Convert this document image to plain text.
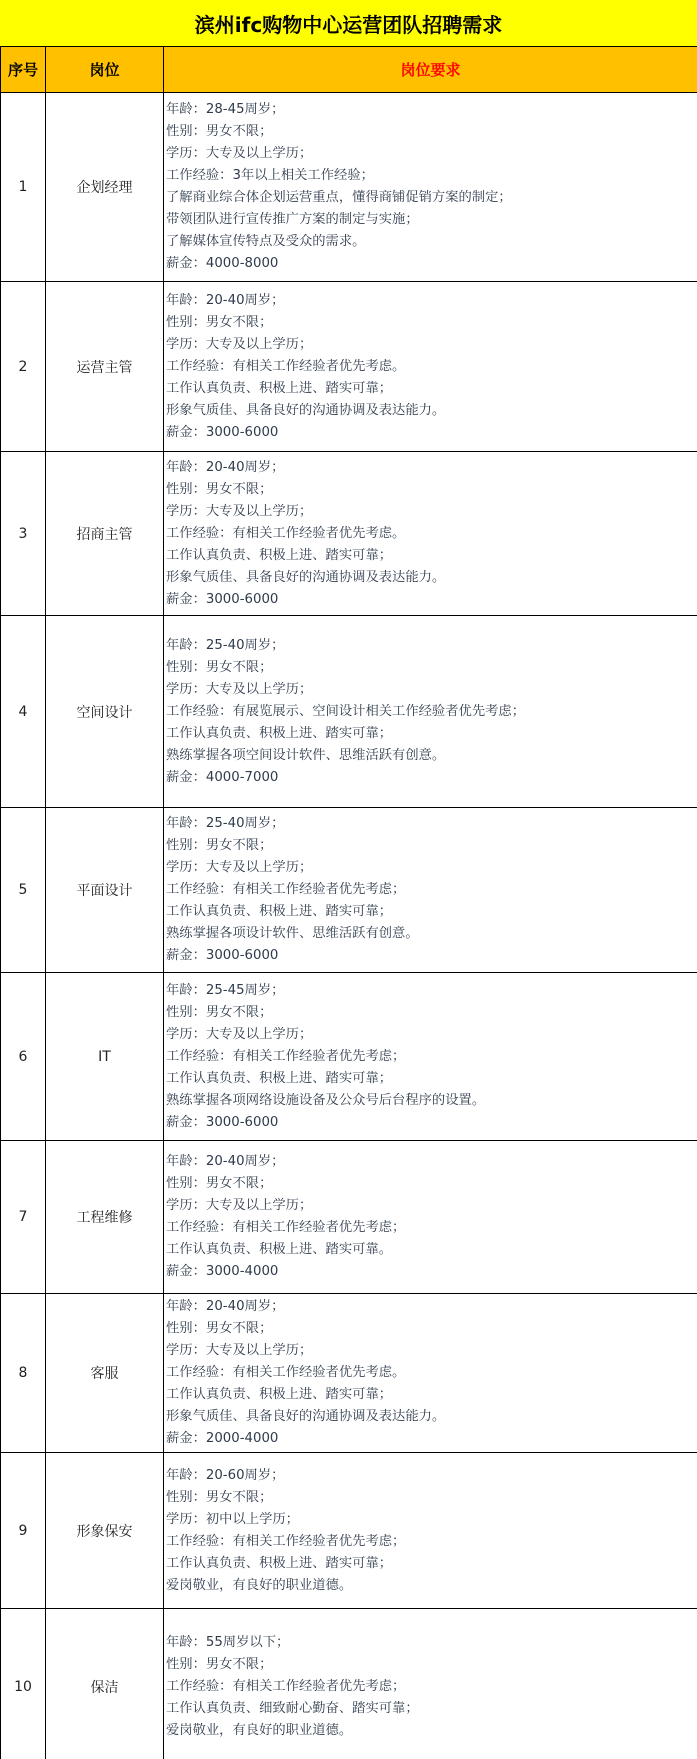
滨州ifc购物中心运营团队招聘需求
序号	岗位	岗位要求
1	企划经理	
年龄：28-45周岁；
性别：男女不限；
学历：大专及以上学历；
工作经验：3年以上相关工作经验；
了解商业综合体企划运营重点，懂得商铺促销方案的制定；
带领团队进行宣传推广方案的制定与实施；
了解媒体宣传特点及受众的需求。
薪金：4000-8000

2	运营主管	
年龄：20-40周岁；
性别：男女不限；
学历：大专及以上学历；
工作经验：有相关工作经验者优先考虑。
工作认真负责、积极上进、踏实可靠；
形象气质佳、具备良好的沟通协调及表达能力。
薪金：3000-6000

3	招商主管	
年龄：20-40周岁；
性别：男女不限；
学历：大专及以上学历；
工作经验：有相关工作经验者优先考虑。
工作认真负责、积极上进、踏实可靠；
形象气质佳、具备良好的沟通协调及表达能力。
薪金：3000-6000

4	空间设计	
年龄：25-40周岁；
性别：男女不限；
学历：大专及以上学历；
工作经验：有展览展示、空间设计相关工作经验者优先考虑；
工作认真负责、积极上进、踏实可靠；
熟练掌握各项空间设计软件、思维活跃有创意。
薪金：4000-7000

5	平面设计	
年龄：25-40周岁；
性别：男女不限；
学历：大专及以上学历；
工作经验：有相关工作经验者优先考虑；
工作认真负责、积极上进、踏实可靠；
熟练掌握各项设计软件、思维活跃有创意。
薪金：3000-6000

6	IT	
年龄：25-45周岁；
性别：男女不限；
学历：大专及以上学历；
工作经验：有相关工作经验者优先考虑；
工作认真负责、积极上进、踏实可靠；
熟练掌握各项网络设施设备及公众号后台程序的设置。
薪金：3000-6000

7	工程维修	
年龄：20-40周岁；
性别：男女不限；
学历：大专及以上学历；
工作经验：有相关工作经验者优先考虑；
工作认真负责、积极上进、踏实可靠。
薪金：3000-4000

8	客服	
年龄：20-40周岁；
性别：男女不限；
学历：大专及以上学历；
工作经验：有相关工作经验者优先考虑。
工作认真负责、积极上进、踏实可靠；
形象气质佳、具备良好的沟通协调及表达能力。
薪金：2000-4000

9	形象保安	
年龄：20-60周岁；
性别：男女不限；
学历：初中以上学历；
工作经验：有相关工作经验者优先考虑；
工作认真负责、积极上进、踏实可靠；
爱岗敬业，有良好的职业道德。

10	保洁	年龄：55周岁以下；
性别：男女不限；
工作经验：有相关工作经验者优先考虑；
工作认真负责、细致耐心勤奋、踏实可靠；
爱岗敬业，有良好的职业道德。
